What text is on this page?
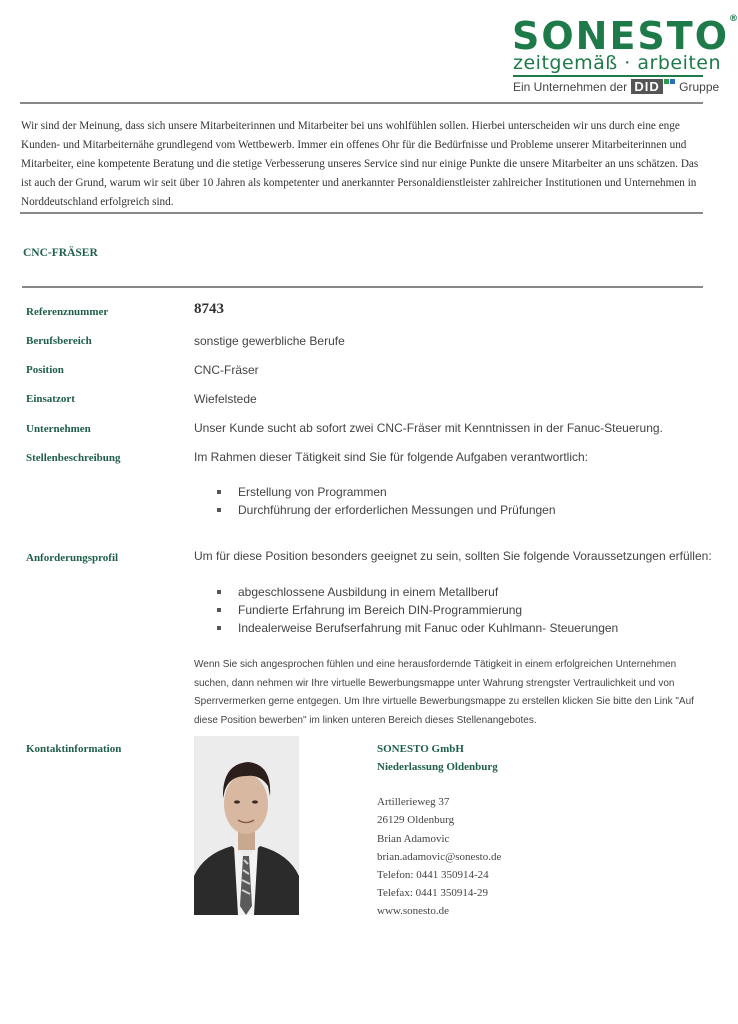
SONESTO®
zeitgemäß · arbeiten
Ein Unternehmen der DID Gruppe
Wir sind der Meinung, dass sich unsere Mitarbeiterinnen und Mitarbeiter bei uns wohlfühlen sollen. Hierbei unterscheiden wir uns durch eine enge Kunden- und Mitarbeiternähe grundlegend vom Wettbewerb. Immer ein offenes Ohr für die Bedürfnisse und Probleme unserer Mitarbeiterinnen und Mitarbeiter, eine kompetente Beratung und die stetige Verbesserung unseres Service sind nur einige Punkte die unsere Mitarbeiter an uns schätzen. Das ist auch der Grund, warum wir seit über 10 Jahren als kompetenter und anerkannter Personaldienstleister zahlreicher Institutionen und Unternehmen in Norddeutschland erfolgreich sind.
CNC-FRÄSER
Referenznummer	8743
Berufsbereich	sonstige gewerbliche Berufe
Position	CNC-Fräser
Einsatzort	Wiefelstede
Unternehmen	Unser Kunde sucht ab sofort zwei CNC-Fräser mit Kenntnissen in der Fanuc-Steuerung.
Stellenbeschreibung	Im Rahmen dieser Tätigkeit sind Sie für folgende Aufgaben verantwortlich:
Erstellung von Programmen
Durchführung der erforderlichen Messungen und Prüfungen
Anforderungsprofil	Um für diese Position besonders geeignet zu sein, sollten Sie folgende Voraussetzungen erfüllen:
abgeschlossene Ausbildung in einem Metallberuf
Fundierte Erfahrung im Bereich DIN-Programmierung
Indealerweise Berufserfahrung mit Fanuc oder Kuhlmann- Steuerungen
Wenn Sie sich angesprochen fühlen und eine herausfordernde Tätigkeit in einem erfolgreichen Unternehmen suchen, dann nehmen wir Ihre virtuelle Bewerbungsmappe unter Wahrung strengster Vertraulichkeit und von Sperrvermerken gerne entgegen. Um Ihre virtuelle Bewerbungsmappe zu erstellen klicken Sie bitte den Link "Auf diese Position bewerben" im linken unteren Bereich dieses Stellenangebotes.
Kontaktinformation	SONESTO GmbH
Niederlassung Oldenburg
Artillerieweg 37
26129 Oldenburg
Brian Adamovic
brian.adamovic@sonesto.de
Telefon: 0441 350914-24
Telefax: 0441 350914-29
www.sonesto.de
